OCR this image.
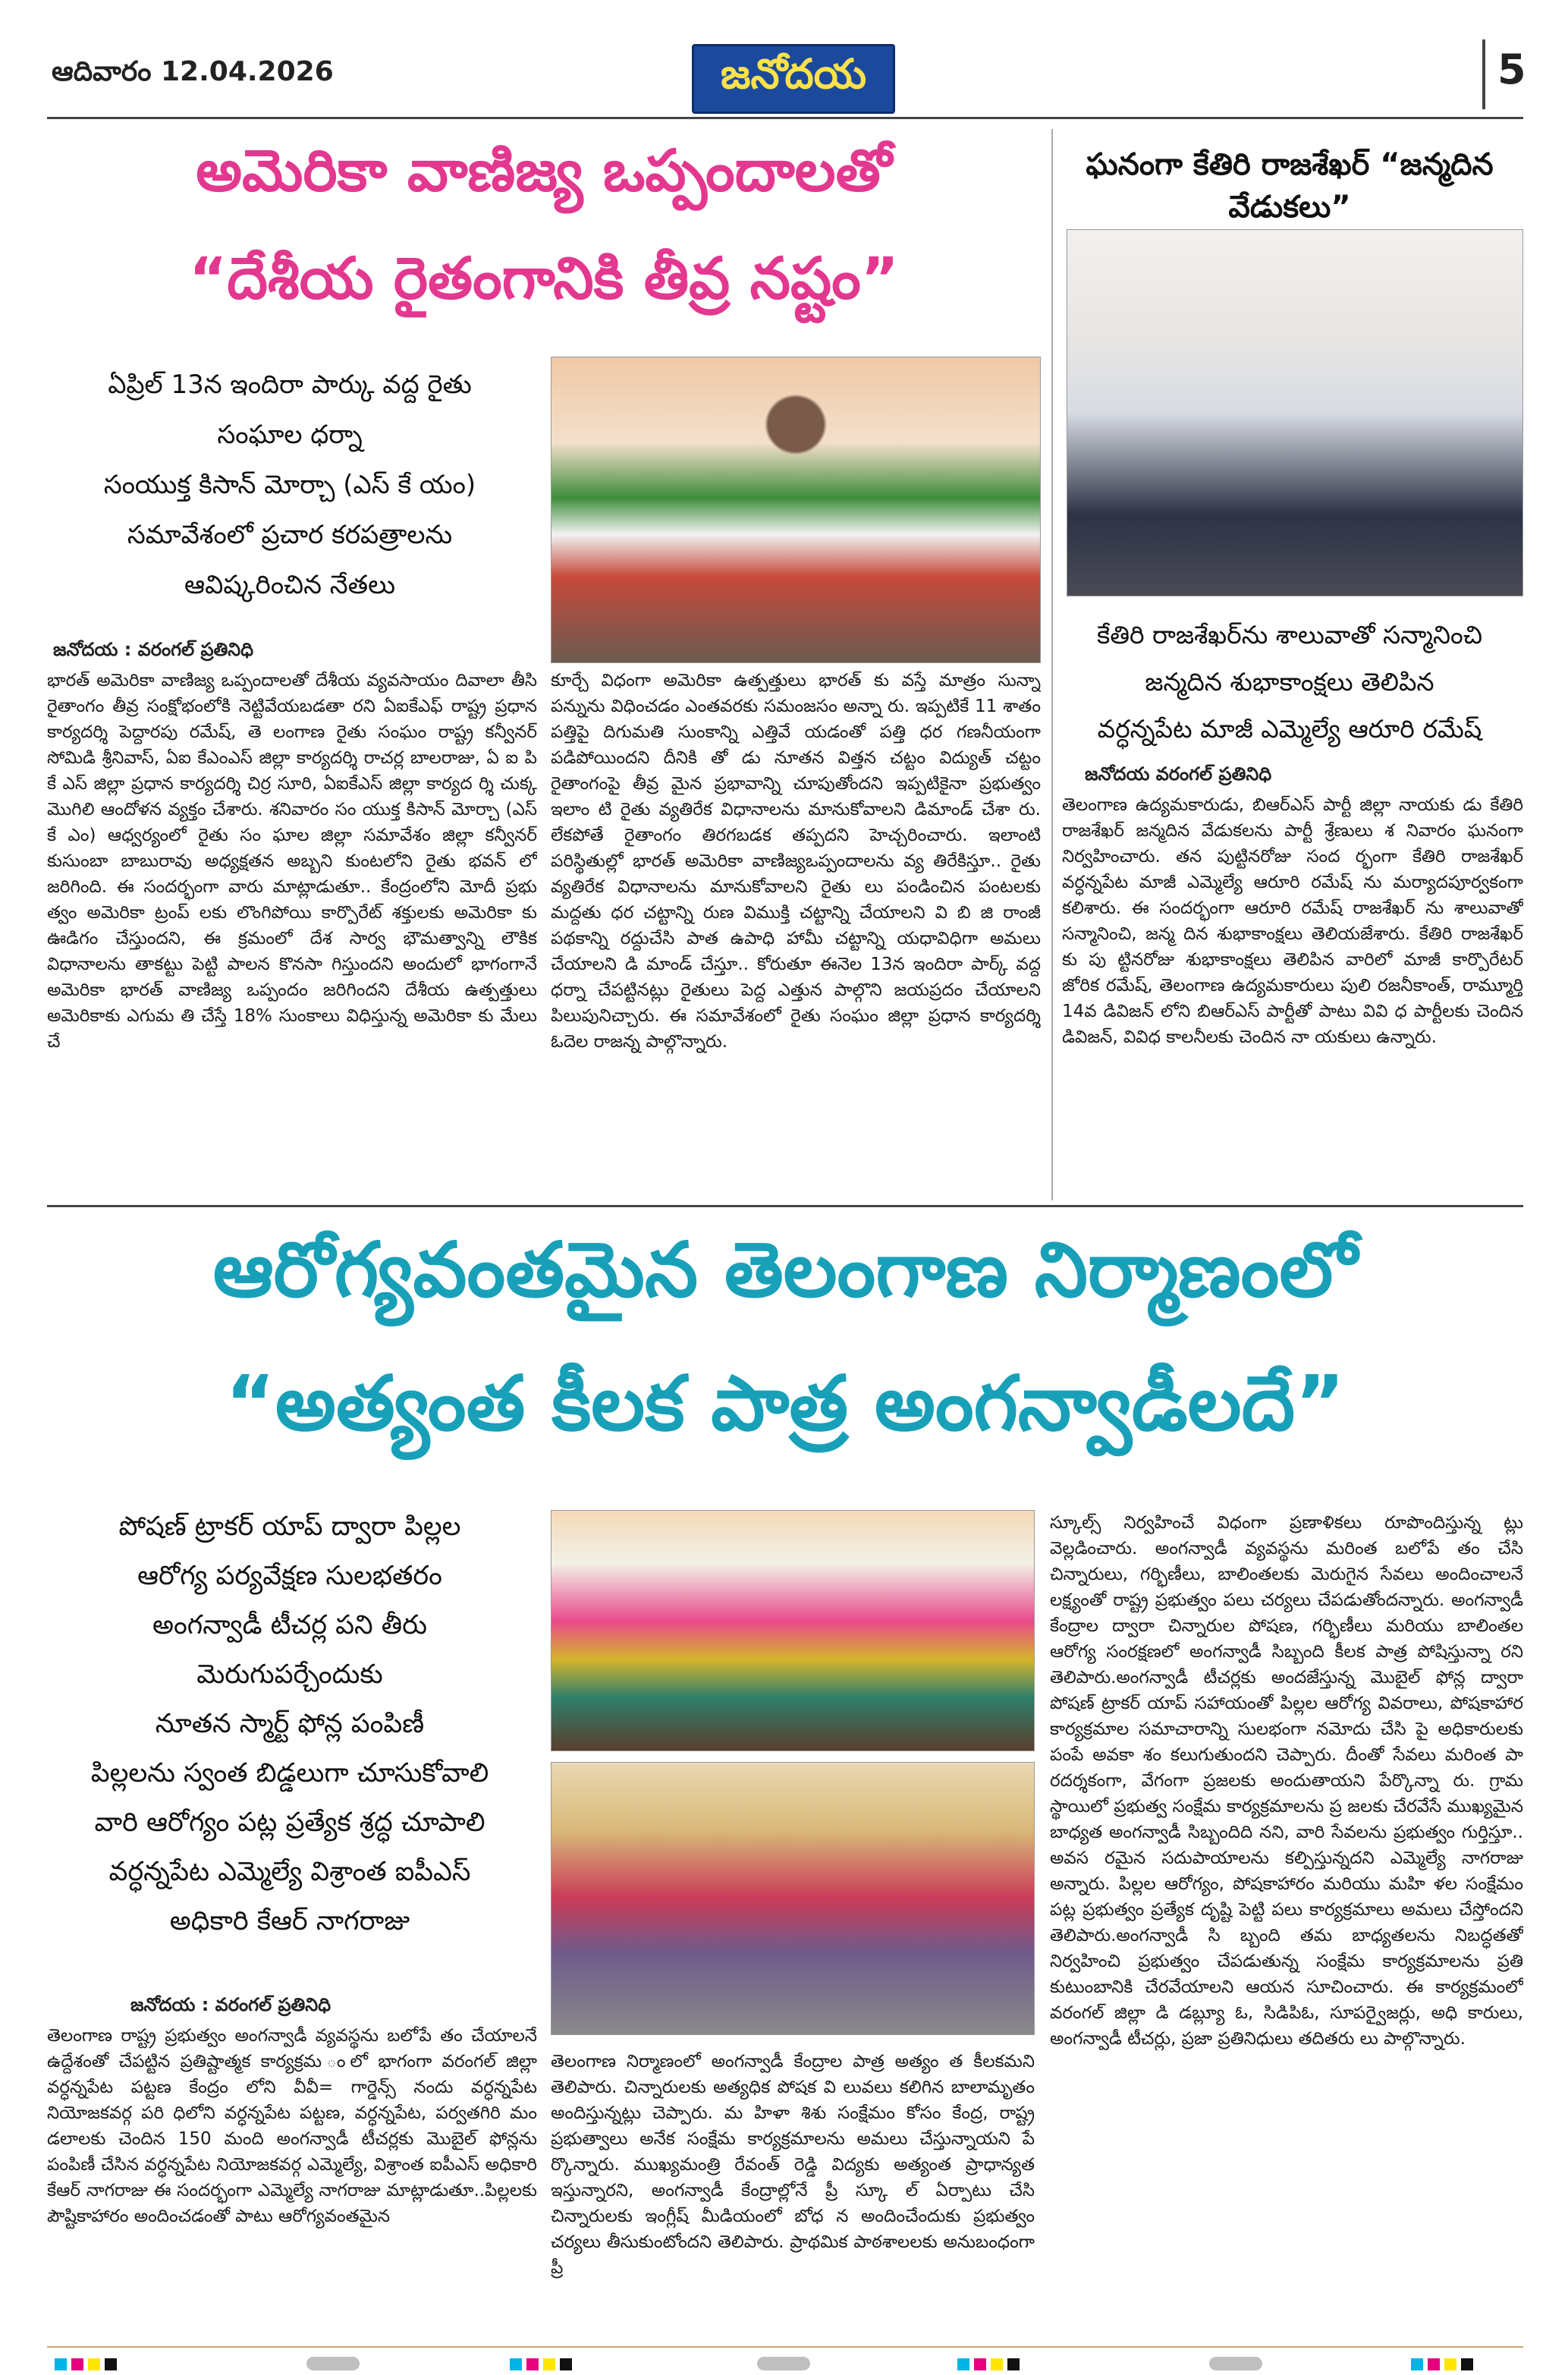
ఆదివారం 12.04.2026	జనోదయ	5
అమెరికా వాణిజ్య ఒప్పందాలతో
“దేశీయ రైతంగానికి తీవ్ర నష్టం”
ఏప్రిల్ 13న ఇందిరా పార్కు వద్ద రైతు
సంఘాల ధర్నా
సంయుక్త కిసాన్ మోర్చా (ఎస్ కే యం)
సమావేశంలో ప్రచార కరపత్రాలను
ఆవిష్కరించిన నేతలు
జనోదయ : వరంగల్ ప్రతినిధి
భారత్ అమెరికా వాణిజ్య ఒప్పందాలతో దేశీయ వ్యవసాయం దివాలా తీసి రైతాంగం తీవ్ర సంక్షోభంలోకి నెట్టివేయబడతా రని ఏఐకేఎఫ్ రాష్ట్ర ప్రధాన కార్యదర్శి పెద్దారపు రమేష్, తె లంగాణ రైతు సంఘం రాష్ట్ర కన్వీనర్ సోమిడి శ్రీనివాస్, ఏఐ కేఎంఎస్ జిల్లా కార్యదర్శి రాచర్ల బాలరాజు, ఏ ఐ పి కే ఎస్ జిల్లా ప్రధాన కార్యదర్శి చిర్ర సూరి, ఏఐకేఎస్ జిల్లా కార్యద ర్శి చుక్క మొగిలి ఆందోళన వ్యక్తం చేశారు. శనివారం సం యుక్త కిసాన్ మోర్చా (ఎస్ కే ఎం) ఆధ్వర్యంలో రైతు సం ఘాల జిల్లా సమావేశం జిల్లా కన్వీనర్ కుసుంబా బాబురావు అధ్యక్షతన అబ్బని కుంటలోని రైతు భవన్ లో జరిగింది. ఈ సందర్భంగా వారు మాట్లాడుతూ.. కేంద్రంలోని మోదీ ప్రభు త్వం అమెరికా ట్రంప్ లకు లొంగిపోయి కార్పొరేట్ శక్తులకు అమెరికా కు ఊడిగం చేస్తుందని, ఈ క్రమంలో దేశ సార్వ భౌమత్వాన్ని లౌకిక విధానాలను తాకట్టు పెట్టి పాలన కొనసా గిస్తుందని అందులో భాగంగానే అమెరికా భారత్ వాణిజ్య ఒప్పందం జరిగిందని దేశీయ ఉత్పత్తులు అమెరికాకు ఎగుమ తి చేస్తే 18% సుంకాలు విధిస్తున్న అమెరికా కు మేలు చే
కూర్చే విధంగా అమెరికా ఉత్పత్తులు భారత్ కు వస్తే మాత్రం సున్నా పన్నును విధించడం ఎంతవరకు సమంజసం అన్నా రు. ఇప్పటికే 11 శాతం పత్తిపై దిగుమతి సుంకాన్ని ఎత్తివే యడంతో పత్తి ధర గణనీయంగా పడిపోయిందని దీనికి తో డు నూతన విత్తన చట్టం విద్యుత్ చట్టం రైతాంగంపై తీవ్ర మైన ప్రభావాన్ని చూపుతోందని ఇప్పటికైనా ప్రభుత్వం ఇలాం టి రైతు వ్యతిరేక విధానాలను మానుకోవాలని డిమాండ్ చేశా రు. లేకపోతే రైతాంగం తిరగబడక తప్పదని హెచ్చరించారు. ఇలాంటి పరిస్థితుల్లో భారత్ అమెరికా వాణిజ్యఒప్పందాలను వ్య తిరేకిస్తూ.. రైతు వ్యతిరేక విధానాలను మానుకోవాలని రైతు లు పండించిన పంటలకు మద్దతు ధర చట్టాన్ని రుణ విముక్తి చట్టాన్ని చేయాలని వి బి జి రాంజీ పథకాన్ని రద్దుచేసి పాత ఉపాధి హామీ చట్టాన్ని యధావిధిగా అమలు చేయాలని డి మాండ్ చేస్తూ.. కోరుతూ ఈనెల 13న ఇందిరా పార్క్ వద్ద ధర్నా చేపట్టినట్లు రైతులు పెద్ద ఎత్తున పాల్గొని జయప్రదం చేయాలని పిలుపునిచ్చారు. ఈ సమావేశంలో రైతు సంఘం జిల్లా ప్రధాన కార్యదర్శి ఓదెల రాజన్న పాల్గొన్నారు.
ఘనంగా కేతిరి రాజశేఖర్ “జన్మదిన వేడుకలు”
కేతిరి రాజశేఖర్‌ను శాలువాతో సన్మానించి
జన్మదిన శుభాకాంక్షలు తెలిపిన
వర్ధన్నపేట మాజీ ఎమ్మెల్యే ఆరూరి రమేష్
జనోదయ వరంగల్ ప్రతినిధి
తెలంగాణ ఉద్యమకారుడు, బిఆర్ఎస్ పార్టీ జిల్లా నాయకు డు కేతిరి రాజశేఖర్ జన్మదిన వేడుకలను పార్టీ శ్రేణులు శ నివారం ఘనంగా నిర్వహించారు. తన పుట్టినరోజు సంద ర్భంగా కేతిరి రాజశేఖర్ వర్ధన్నపేట మాజీ ఎమ్మెల్యే ఆరూరి రమేష్ ను మర్యాదపూర్వకంగా కలిశారు. ఈ సందర్భంగా ఆరూరి రమేష్ రాజశేఖర్ ను శాలువాతో సన్మానించి, జన్మ దిన శుభాకాంక్షలు తెలియజేశారు. కేతిరి రాజశేఖర్ కు పు ట్టినరోజు శుభాకాంక్షలు తెలిపిన వారిలో మాజీ కార్పొరేటర్ జోరిక రమేష్, తెలంగాణ ఉద్యమకారులు పులి రజనీకాంత్, రామ్మూర్తి 14వ డివిజన్ లోని బిఆర్ఎస్ పార్టీతో పాటు వివి ధ పార్టీలకు చెందిన డివిజన్, వివిధ కాలనీలకు చెందిన నా యకులు ఉన్నారు.
ఆరోగ్యవంతమైన తెలంగాణ నిర్మాణంలో
“అత్యంత కీలక పాత్ర అంగన్వాడీలదే”
పోషణ్ ట్రాకర్ యాప్ ద్వారా పిల్లల
ఆరోగ్య పర్యవేక్షణ సులభతరం
అంగన్వాడీ టీచర్ల పని తీరు
మెరుగుపర్చేందుకు
నూతన స్మార్ట్ ఫోన్ల పంపిణీ
పిల్లలను స్వంత బిడ్డలుగా చూసుకోవాలి
వారి ఆరోగ్యం పట్ల ప్రత్యేక శ్రద్ధ చూపాలి
వర్ధన్నపేట ఎమ్మెల్యే విశ్రాంత ఐపీఎస్
అధికారి కేఆర్ నాగరాజు
జనోదయ : వరంగల్ ప్రతినిధి
తెలంగాణ రాష్ట్ర ప్రభుత్వం అంగన్వాడీ వ్యవస్థను బలోపే తం చేయాలనే ఉద్దేశంతో చేపట్టిన ప్రతిష్టాత్మక కార్యక్రమ ంలో భాగంగా వరంగల్ జిల్లా వర్ధన్నపేట పట్టణ కేంద్రం లోని వీవీ= గార్డెన్స్ నందు వర్ధన్నపేట నియోజకవర్గ పరి ధిలోని వర్ధన్నపేట పట్టణ, వర్ధన్నపేట, పర్వతగిరి మం డలాలకు చెందిన 150 మంది అంగన్వాడీ టీచర్లకు మొబైల్ ఫోన్లను పంపిణీ చేసిన వర్ధన్నపేట నియోజకవర్గ ఎమ్మెల్యే, విశ్రాంత ఐపీఎస్ అధికారి కేఆర్ నాగరాజు ఈ సందర్భంగా ఎమ్మెల్యే నాగరాజు మాట్లాడుతూ..పిల్లలకు పౌష్టికాహారం అందించడంతో పాటు ఆరోగ్యవంతమైన
తెలంగాణ నిర్మాణంలో అంగన్వాడీ కేంద్రాల పాత్ర అత్యం త కీలకమని తెలిపారు. చిన్నారులకు అత్యధిక పోషక వి లువలు కలిగిన బాలామృతం అందిస్తున్నట్లు చెప్పారు. మ హిళా శిశు సంక్షేమం కోసం కేంద్ర, రాష్ట్ర ప్రభుత్వాలు అనేక సంక్షేమ కార్యక్రమాలను అమలు చేస్తున్నాయని పే ర్కొన్నారు. ముఖ్యమంత్రి రేవంత్ రెడ్డి విద్యకు అత్యంత ప్రాధాన్యత ఇస్తున్నారని, అంగన్వాడీ కేంద్రాల్లోనే ప్రీ స్కూ ల్ ఏర్పాటు చేసి చిన్నారులకు ఇంగ్లీష్ మీడియంలో బోధ న అందించేందుకు ప్రభుత్వం చర్యలు తీసుకుంటోందని తెలిపారు. ప్రాథమిక పాఠశాలలకు అనుబంధంగా ప్రీ
స్కూల్స్ నిర్వహించే విధంగా ప్రణాళికలు రూపొందిస్తున్న ట్లు వెల్లడించారు. అంగన్వాడీ వ్యవస్థను మరింత బలోపే తం చేసి చిన్నారులు, గర్భిణీలు, బాలింతలకు మెరుగైన సేవలు అందించాలనే లక్ష్యంతో రాష్ట్ర ప్రభుత్వం పలు చర్యలు చేపడుతోందన్నారు. అంగన్వాడీ కేంద్రాల ద్వారా చిన్నారుల పోషణ, గర్భిణీలు మరియు బాలింతల ఆరోగ్య సంరక్షణలో అంగన్వాడీ సిబ్బంది కీలక పాత్ర పోషిస్తున్నా రని తెలిపారు.అంగన్వాడీ టీచర్లకు అందజేస్తున్న మొబైల్ ఫోన్ల ద్వారా పోషణ్ ట్రాకర్ యాప్ సహాయంతో పిల్లల ఆరోగ్య వివరాలు, పోషకాహార కార్యక్రమాల సమాచారాన్ని సులభంగా నమోదు చేసి పై అధికారులకు పంపే అవకా శం కలుగుతుందని చెప్పారు. దీంతో సేవలు మరింత పా రదర్శకంగా, వేగంగా ప్రజలకు అందుతాయని పేర్కొన్నా రు. గ్రామ స్థాయిలో ప్రభుత్వ సంక్షేమ కార్యక్రమాలను ప్ర జలకు చేరవేసే ముఖ్యమైన బాధ్యత అంగన్వాడీ సిబ్బందిది నని, వారి సేవలను ప్రభుత్వం గుర్తిస్తూ.. అవస రమైన సదుపాయాలను కల్పిస్తున్నదని ఎమ్మెల్యే నాగరాజు అన్నారు. పిల్లల ఆరోగ్యం, పోషకాహారం మరియు మహి ళల సంక్షేమం పట్ల ప్రభుత్వం ప్రత్యేక దృష్టి పెట్టి పలు కార్యక్రమాలు అమలు చేస్తోందని తెలిపారు.అంగన్వాడీ సి బ్బంది తమ బాధ్యతలను నిబద్ధతతో నిర్వహించి ప్రభుత్వం చేపడుతున్న సంక్షేమ కార్యక్రమాలను ప్రతి కుటుంబానికి చేరవేయాలని ఆయన సూచించారు. ఈ కార్యక్రమంలో వరంగల్ జిల్లా డి డబ్ల్యూ ఓ, సిడిపిఓ, సూపర్వైజర్లు, అధి కారులు, అంగన్వాడీ టీచర్లు, ప్రజా ప్రతినిధులు తదితరు లు పాల్గొన్నారు.
